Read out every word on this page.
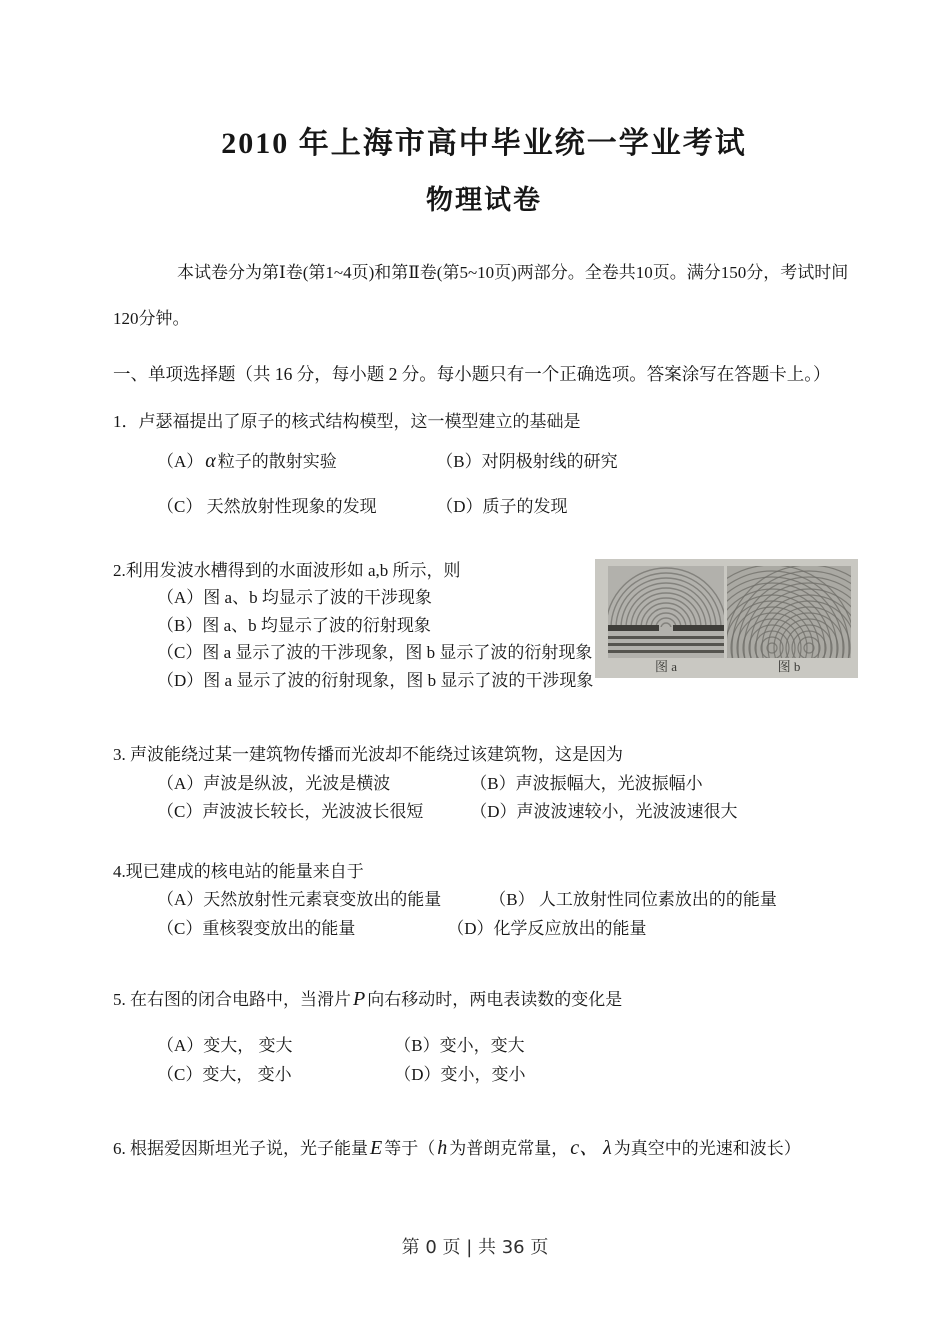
2010 年上海市高中毕业统一学业考试
物理试卷

本试卷分为第Ⅰ卷(第1~4页)和第Ⅱ卷(第5~10页)两部分。全卷共10页。满分150分，考试时间120分钟。

一、单项选择题（共 16 分，每小题 2 分。每小题只有一个正确选项。答案涂写在答题卡上。）

1．卢瑟福提出了原子的核式结构模型，这一模型建立的基础是
（A） α 粒子的散射实验	（B）对阴极射线的研究
（C） 天然放射性现象的发现	（D）质子的发现
2.利用发波水槽得到的水面波形如 a,b 所示，则
（A）图 a、b 均显示了波的干涉现象
（B）图 a、b 均显示了波的衍射现象
（C）图 a 显示了波的干涉现象，图 b 显示了波的衍射现象
（D）图 a 显示了波的衍射现象，图 b 显示了波的干涉现象
图 a	图 b
3. 声波能绕过某一建筑物传播而光波却不能绕过该建筑物，这是因为
（A）声波是纵波，光波是横波	（B）声波振幅大，光波振幅小
（C）声波波长较长，光波波长很短	（D）声波波速较小，光波波速很大
4.现已建成的核电站的能量来自于
（A）天然放射性元素衰变放出的能量	（B） 人工放射性同位素放出的的能量
（C）重核裂变放出的能量	（D）化学反应放出的能量
5. 在右图的闭合电路中，当滑片 P 向右移动时，两电表读数的变化是
（A）变大， 变大	（B）变小，变大
（C）变大， 变小	（D）变小，变小
6. 根据爱因斯坦光子说，光子能量 E 等于（ h 为普朗克常量， c、 λ 为真空中的光速和波长）
第 0 页 | 共 36 页
